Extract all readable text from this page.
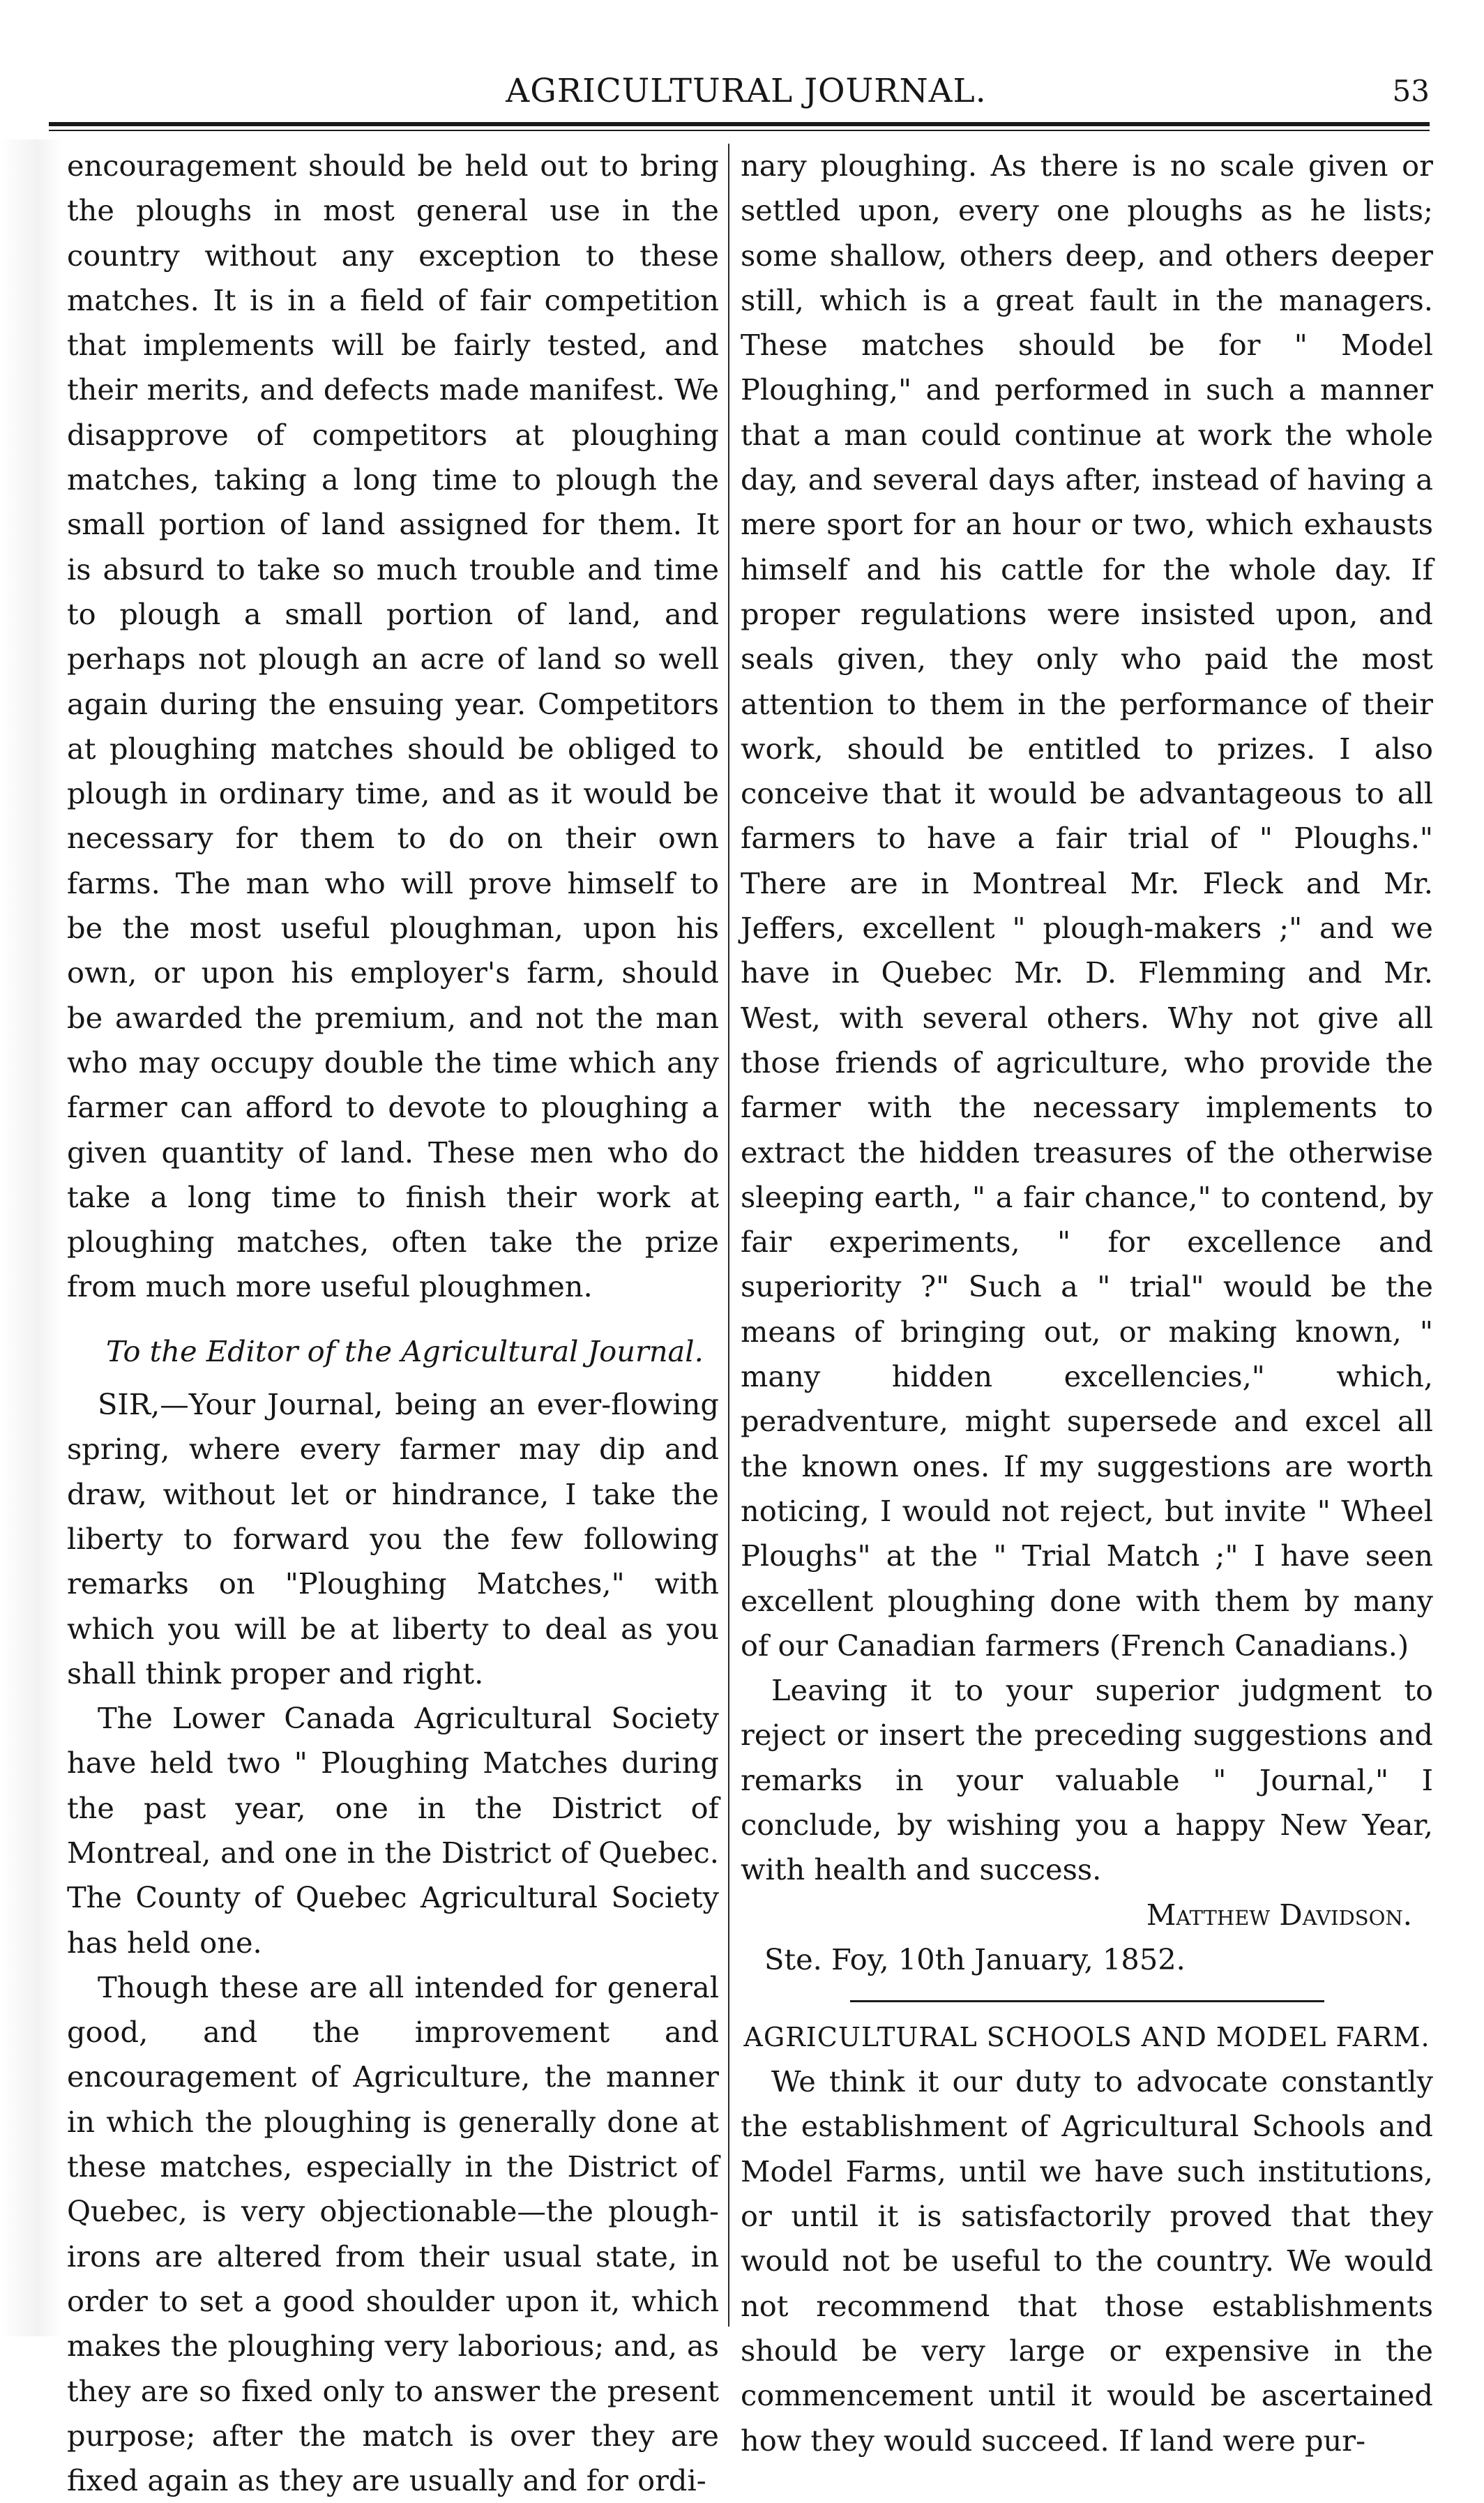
AGRICULTURAL JOURNAL.	53

encouragement should be held out to bring the ploughs in most general use in the country without any exception to these matches. It is in a field of fair competition that implements will be fairly tested, and their merits, and defects made manifest. We disapprove of competitors at ploughing matches, taking a long time to plough the small portion of land assigned for them. It is absurd to take so much trouble and time to plough a small portion of land, and perhaps not plough an acre of land so well again during the ensuing year. Competitors at ploughing matches should be obliged to plough in ordinary time, and as it would be necessary for them to do on their own farms. The man who will prove himself to be the most useful ploughman, upon his own, or upon his employer's farm, should be awarded the premium, and not the man who may occupy double the time which any farmer can afford to devote to ploughing a given quantity of land. These men who do take a long time to finish their work at ploughing matches, often take the prize from much more useful ploughmen.

To the Editor of the Agricultural Journal.

SIR,—Your Journal, being an ever-flowing spring, where every farmer may dip and draw, without let or hindrance, I take the liberty to forward you the few following remarks on "Ploughing Matches," with which you will be at liberty to deal as you shall think proper and right.

The Lower Canada Agricultural Society have held two " Ploughing Matches during the past year, one in the District of Montreal, and one in the District of Quebec. The County of Quebec Agricultural Society has held one.

Though these are all intended for general good, and the improvement and encouragement of Agriculture, the manner in which the ploughing is generally done at these matches, especially in the District of Quebec, is very objectionable—the plough-irons are altered from their usual state, in order to set a good shoulder upon it, which makes the ploughing very laborious; and, as they are so fixed only to answer the present purpose; after the match is over they are fixed again as they are usually and for ordi-

nary ploughing. As there is no scale given or settled upon, every one ploughs as he lists; some shallow, others deep, and others deeper still, which is a great fault in the managers. These matches should be for " Model Ploughing," and performed in such a manner that a man could continue at work the whole day, and several days after, instead of having a mere sport for an hour or two, which exhausts himself and his cattle for the whole day. If proper regulations were insisted upon, and seals given, they only who paid the most attention to them in the performance of their work, should be entitled to prizes. I also conceive that it would be advantageous to all farmers to have a fair trial of " Ploughs." There are in Montreal Mr. Fleck and Mr. Jeffers, excellent " plough-makers ;" and we have in Quebec Mr. D. Flemming and Mr. West, with several others. Why not give all those friends of agriculture, who provide the farmer with the necessary implements to extract the hidden treasures of the otherwise sleeping earth, " a fair chance," to contend, by fair experiments, " for excellence and superiority ?" Such a " trial" would be the means of bringing out, or making known, " many hidden excellencies," which, peradventure, might supersede and excel all the known ones. If my suggestions are worth noticing, I would not reject, but invite " Wheel Ploughs" at the " Trial Match ;" I have seen excellent ploughing done with them by many of our Canadian farmers (French Canadians.)

Leaving it to your superior judgment to reject or insert the preceding suggestions and remarks in your valuable " Journal," I conclude, by wishing you a happy New Year, with health and success.

Matthew Davidson.

Ste. Foy, 10th January, 1852.

AGRICULTURAL SCHOOLS AND MODEL FARM.

We think it our duty to advocate constantly the establishment of Agricultural Schools and Model Farms, until we have such institutions, or until it is satisfactorily proved that they would not be useful to the country. We would not recommend that those establishments should be very large or expensive in the commencement until it would be ascertained how they would succeed. If land were pur-
